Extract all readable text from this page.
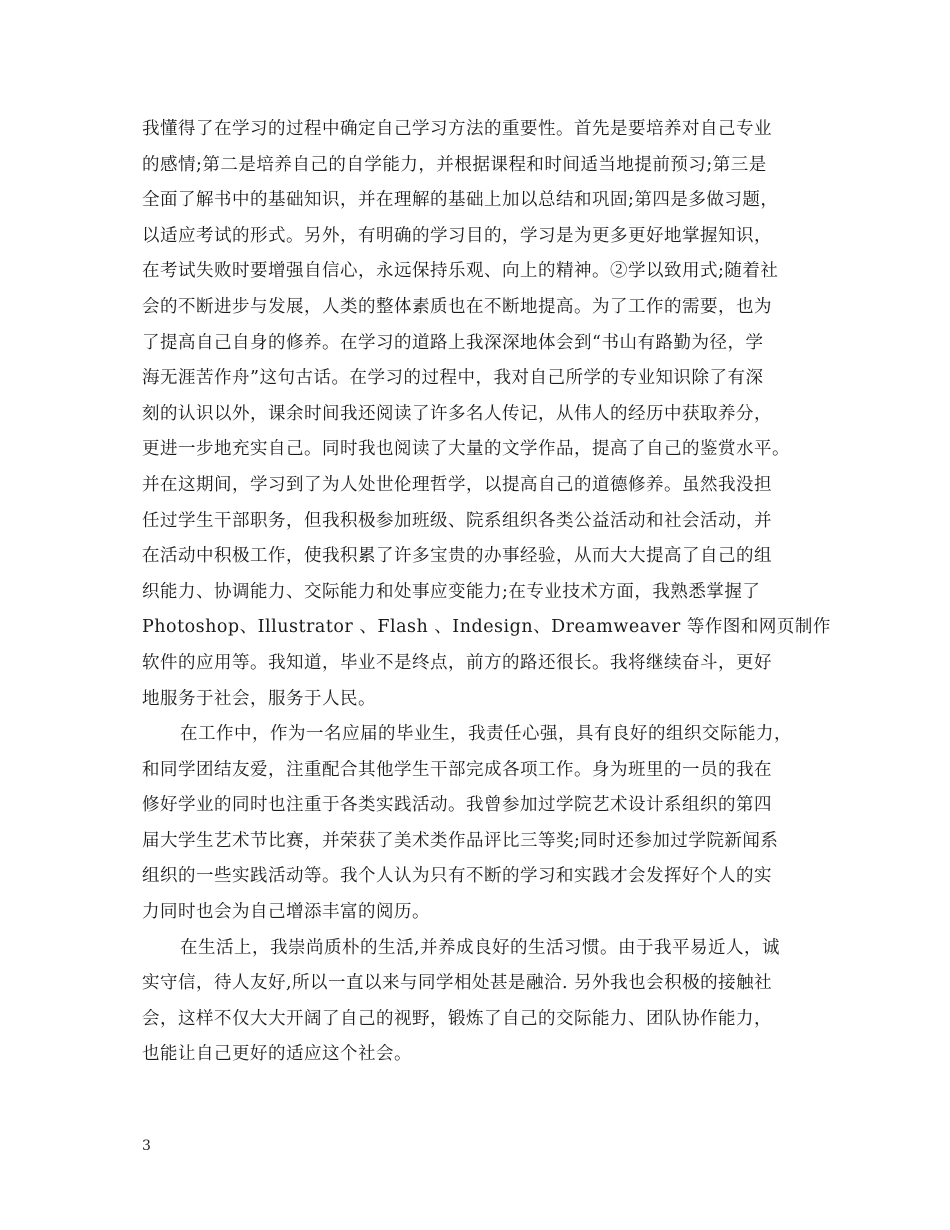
我懂得了在学习的过程中确定自己学习方法的重要性。首先是要培养对自己专业
的感情;第二是培养自己的自学能力，并根据课程和时间适当地提前预习;第三是
全面了解书中的基础知识，并在理解的基础上加以总结和巩固;第四是多做习题，
以适应考试的形式。另外，有明确的学习目的，学习是为更多更好地掌握知识，
在考试失败时要增强自信心，永远保持乐观、向上的精神。②学以致用式;随着社
会的不断进步与发展，人类的整体素质也在不断地提高。为了工作的需要，也为
了提高自己自身的修养。在学习的道路上我深深地体会到“书山有路勤为径，学
海无涯苦作舟”这句古话。在学习的过程中，我对自己所学的专业知识除了有深
刻的认识以外，课余时间我还阅读了许多名人传记，从伟人的经历中获取养分，
更进一步地充实自己。同时我也阅读了大量的文学作品，提高了自己的鉴赏水平。
并在这期间，学习到了为人处世伦理哲学，以提高自己的道德修养。虽然我没担
任过学生干部职务，但我积极参加班级、院系组织各类公益活动和社会活动，并
在活动中积极工作，使我积累了许多宝贵的办事经验，从而大大提高了自己的组
织能力、协调能力、交际能力和处事应变能力;在专业技术方面，我熟悉掌握了
Photoshop、Illustrator 、Flash 、Indesign、Dreamweaver 等作图和网页制作
软件的应用等。我知道，毕业不是终点，前方的路还很长。我将继续奋斗，更好
地服务于社会，服务于人民。
在工作中，作为一名应届的毕业生，我责任心强，具有良好的组织交际能力，
和同学团结友爱，注重配合其他学生干部完成各项工作。身为班里的一员的我在
修好学业的同时也注重于各类实践活动。我曾参加过学院艺术设计系组织的第四
届大学生艺术节比赛，并荣获了美术类作品评比三等奖;同时还参加过学院新闻系
组织的一些实践活动等。我个人认为只有不断的学习和实践才会发挥好个人的实
力同时也会为自己增添丰富的阅历。
在生活上，我崇尚质朴的生活,并养成良好的生活习惯。由于我平易近人，诚
实守信，待人友好,所以一直以来与同学相处甚是融洽. 另外我也会积极的接触社
会，这样不仅大大开阔了自己的视野，锻炼了自己的交际能力、团队协作能力，
也能让自己更好的适应这个社会。
3
